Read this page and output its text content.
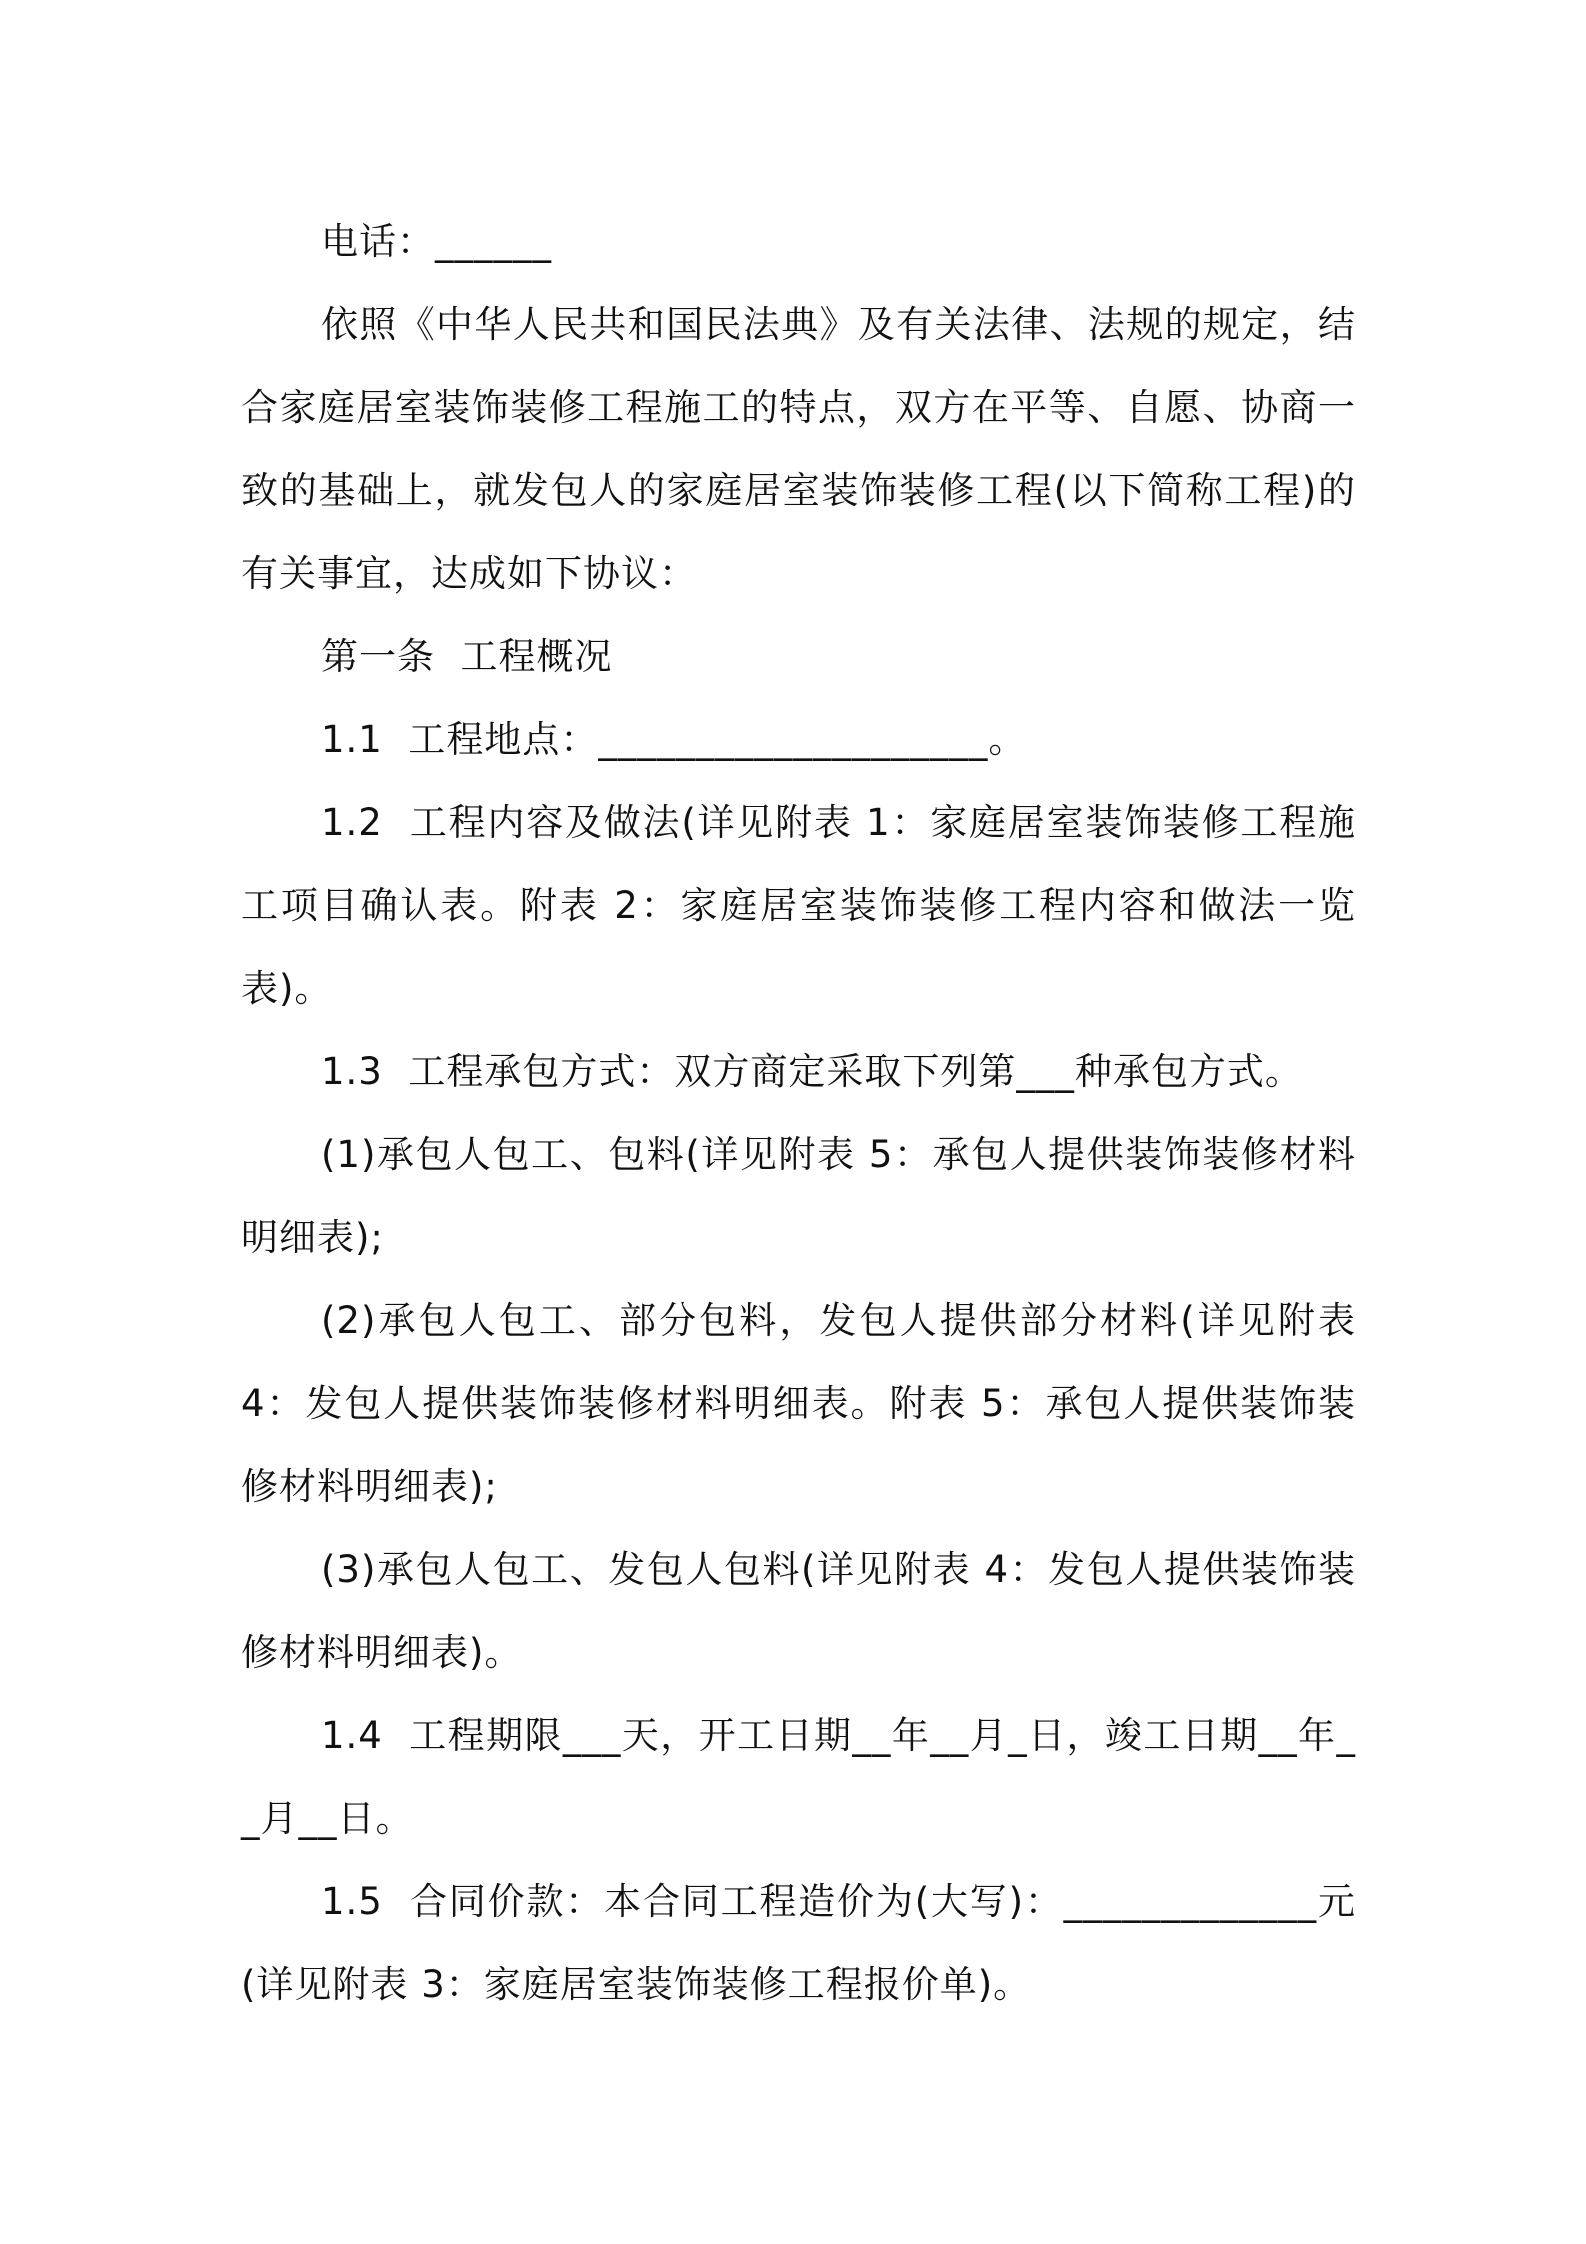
电话：______

依照《中华人民共和国民法典》及有关法律、法规的规定，结合家庭居室装饰装修工程施工的特点，双方在平等、自愿、协商一致的基础上，就发包人的家庭居室装饰装修工程(以下简称工程)的有关事宜，达成如下协议：

第一条  工程概况

1.1  工程地点：____________________。

1.2  工程内容及做法(详见附表 1：家庭居室装饰装修工程施工项目确认表。附表 2：家庭居室装饰装修工程内容和做法一览表)。

1.3  工程承包方式：双方商定采取下列第___种承包方式。

(1)承包人包工、包料(详见附表 5：承包人提供装饰装修材料明细表);

(2)承包人包工、部分包料，发包人提供部分材料(详见附表 4：发包人提供装饰装修材料明细表。附表 5：承包人提供装饰装修材料明细表);

(3)承包人包工、发包人包料(详见附表 4：发包人提供装饰装修材料明细表)。

1.4  工程期限___天，开工日期__年__月_日，竣工日期__年__月__日。

1.5  合同价款：本合同工程造价为(大写)：_____________元(详见附表 3：家庭居室装饰装修工程报价单)。
